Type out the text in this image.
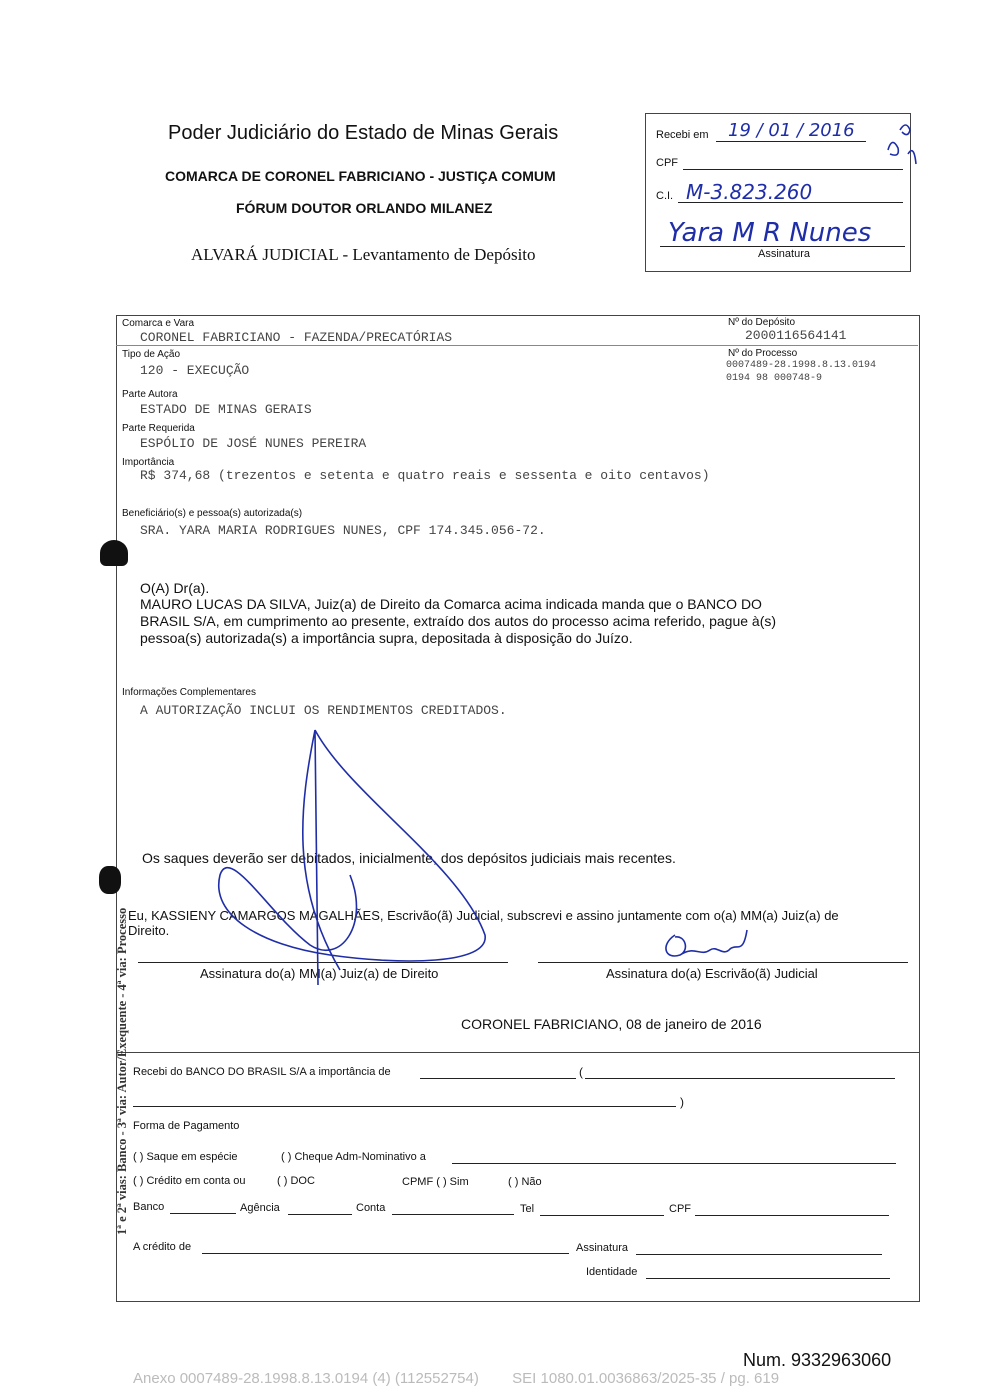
Poder Judiciário do Estado de Minas Gerais
COMARCA DE CORONEL FABRICIANO - JUSTIÇA COMUM
FÓRUM DOUTOR ORLANDO MILANEZ
ALVARÁ JUDICIAL - Levantamento de Depósito
Recebi em 19 / 01 / 2016
CPF
C.I. M-3.823.260
Yara M R Nunes
Assinatura
Comarca e Vara
CORONEL FABRICIANO - FAZENDA/PRECATÓRIAS
Nº do Depósito
2000116564141
Tipo de Ação
120 - EXECUÇÃO
Nº do Processo
0007489-28.1998.8.13.0194
0194 98 000748-9
Parte Autora
ESTADO DE MINAS GERAIS
Parte Requerida
ESPÓLIO DE JOSÉ NUNES PEREIRA
Importância
R$ 374,68 (trezentos e setenta e quatro reais e sessenta e oito centavos)
Beneficiário(s) e pessoa(s) autorizada(s)
SRA. YARA MARIA RODRIGUES NUNES, CPF 174.345.056-72.
O(A) Dr(a).
MAURO LUCAS DA SILVA, Juiz(a) de Direito da Comarca acima indicada manda que o BANCO DO
BRASIL S/A, em cumprimento ao presente, extraído dos autos do processo acima referido, pague à(s)
pessoa(s) autorizada(s) a importância supra, depositada à disposição do Juízo.
Informações Complementares
A AUTORIZAÇÃO INCLUI OS RENDIMENTOS CREDITADOS.
Os saques deverão ser debitados, inicialmente, dos depósitos judiciais mais recentes.
Eu, KASSIENY CAMARGOS MAGALHÃES, Escrivão(ã) Judicial, subscrevi e assino juntamente com o(a) MM(a) Juiz(a) de
Direito.
Assinatura do(a) MM(a) Juiz(a) de Direito	Assinatura do(a) Escrivão(ã) Judicial
CORONEL FABRICIANO, 08 de janeiro de 2016
Recebi do BANCO DO BRASIL S/A a importância de	(
)
Forma de Pagamento
( ) Saque em espécie	( ) Cheque Adm-Nominativo a
( ) Crédito em conta ou	( ) DOC	CPMF ( ) Sim	( ) Não
Banco	Agência	Conta	Tel	CPF
A crédito de	Assinatura
Identidade
1ª e 2ª vias: Banco - 3ª via: Autor/Exequente - 4ª via: Processo
Num. 9332963060
Anexo 0007489-28.1998.8.13.0194 (4) (112552754)        SEI 1080.01.0036863/2025-35 / pg. 619
